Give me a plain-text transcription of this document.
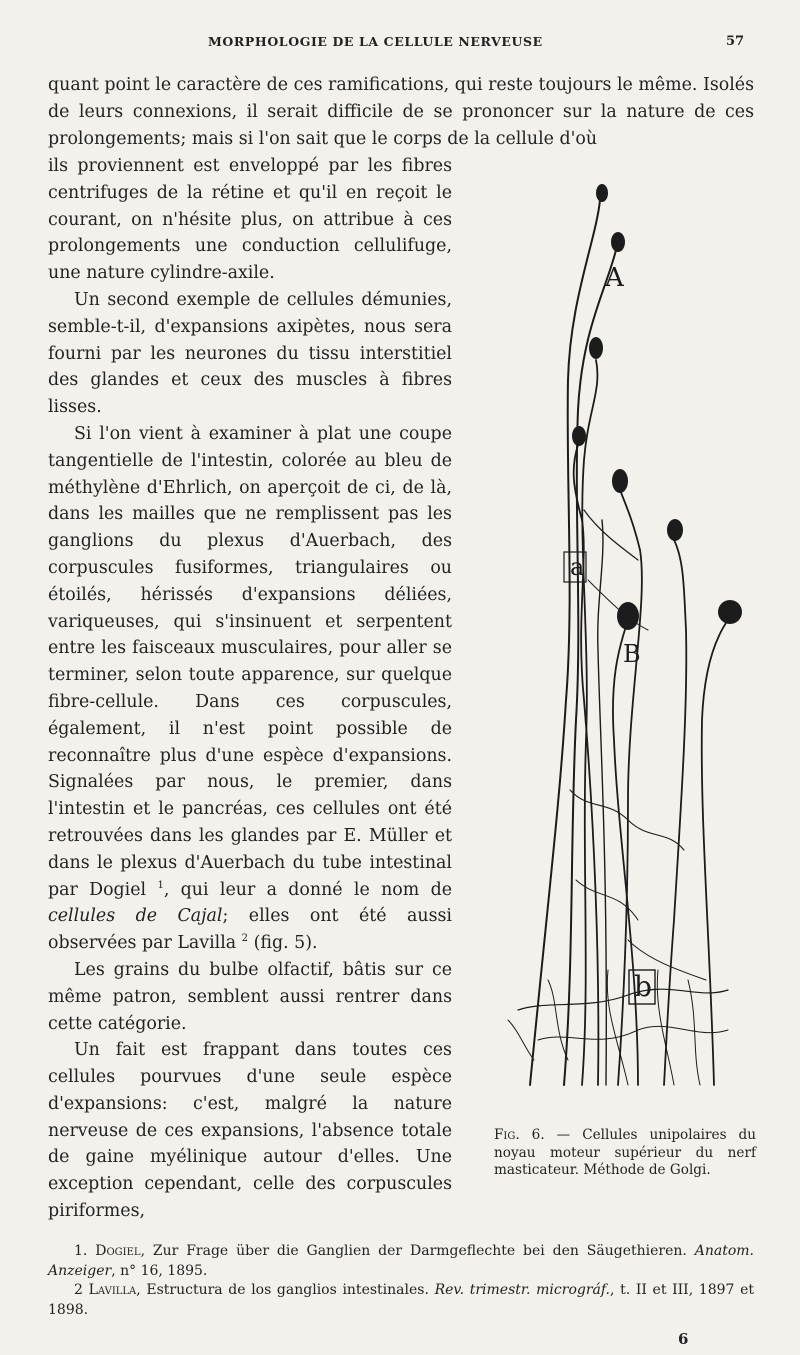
MORPHOLOGIE DE LA CELLULE NERVEUSE	57

quant point le caractère de ces ramifications, qui reste toujours le même. Isolés de leurs connexions, il serait difficile de se prononcer sur la nature de ces prolongements; mais si l'on sait que le corps de la cellule d'où

ils proviennent est enveloppé par les fibres centrifuges de la rétine et qu'il en reçoit le courant, on n'hésite plus, on attribue à ces prolongements une conduction cellulifuge, une nature cylindre-axile.

Un second exemple de cellules démunies, semble-t-il, d'expansions axipètes, nous sera fourni par les neurones du tissu interstitiel des glandes et ceux des muscles à fibres lisses.

Si l'on vient à examiner à plat une coupe tangentielle de l'intestin, colorée au bleu de méthylène d'Ehrlich, on aperçoit de ci, de là, dans les mailles que ne remplissent pas les ganglions du plexus d'Auerbach, des corpuscules fusiformes, triangulaires ou étoilés, hérissés d'expansions déliées, variqueuses, qui s'insinuent et serpentent entre les faisceaux musculaires, pour aller se terminer, selon toute apparence, sur quelque fibre-cellule. Dans ces corpuscules, également, il n'est point possible de reconnaître plus d'une espèce d'expansions. Signalées par nous, le premier, dans l'intestin et le pancréas, ces cellules ont été retrouvées dans les glandes par E. Müller et dans le plexus d'Auerbach du tube intestinal par Dogiel $^1$, qui leur a donné le nom de cellules de Cajal; elles ont été aussi observées par Lavilla $^2$ (fig. 5).

Les grains du bulbe olfactif, bâtis sur ce même patron, semblent aussi rentrer dans cette catégorie.

Un fait est frappant dans toutes ces cellules pourvues d'une seule espèce d'expansions: c'est, malgré la nature nerveuse de ces expansions, l'absence totale de gaine myélinique autour d'elles. Une exception cependant, celle des corpuscules piriformes,

A
a
B
b
Fig. 6. — Cellules unipolaires du noyau moteur supérieur du nerf masticateur. Méthode de Golgi.

1. Dogiel, Zur Frage über die Ganglien der Darmgeflechte bei den Säugethieren. Anatom. Anzeiger, n° 16, 1895.

2 Lavilla, Estructura de los ganglios intestinales. Rev. trimestr. micrográf., t. II et III, 1897 et 1898.

6
